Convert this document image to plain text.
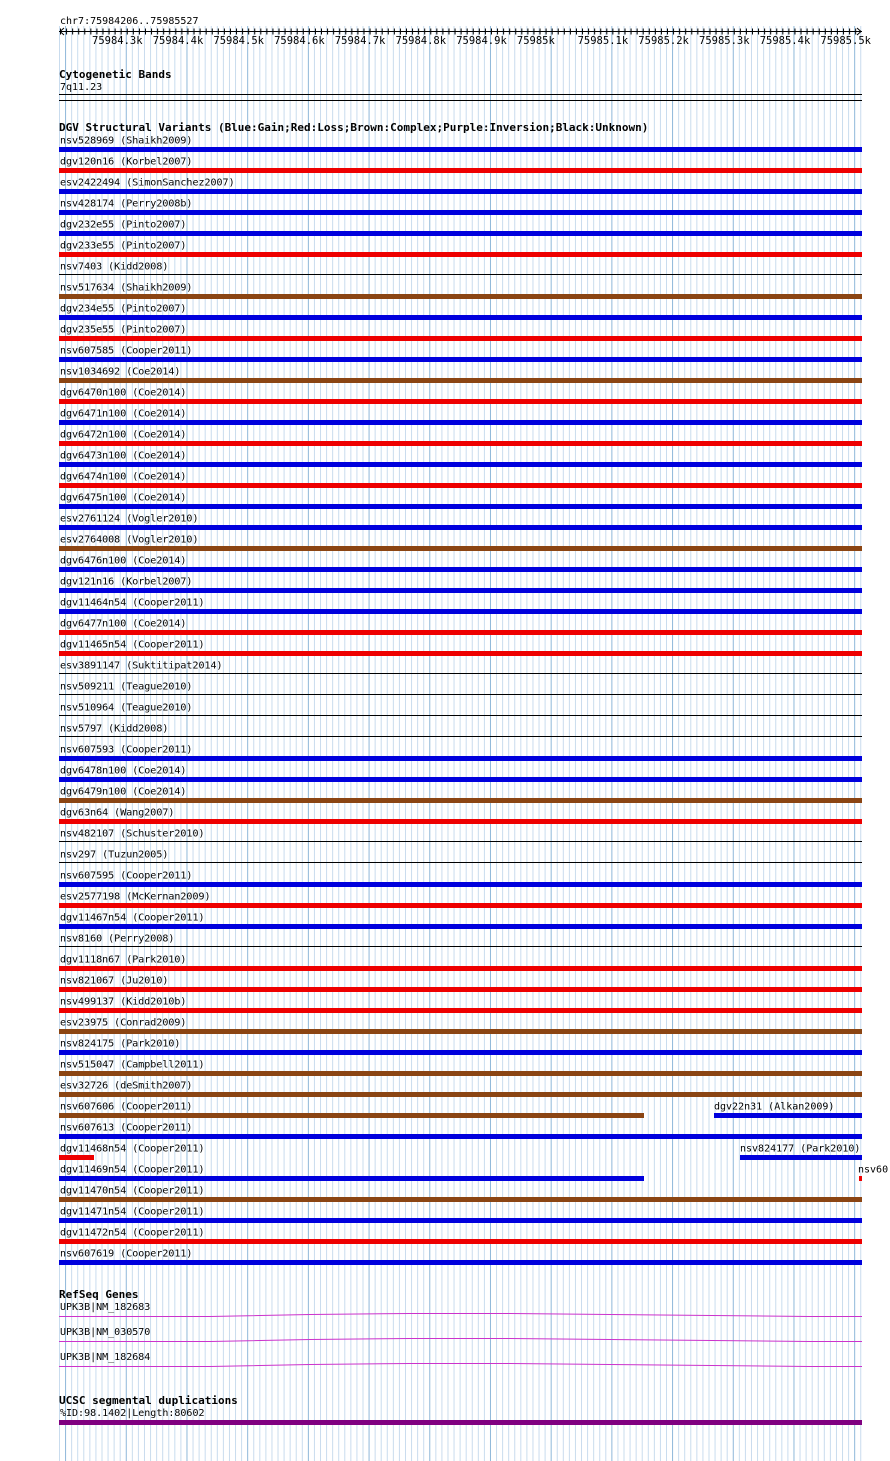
chr7:75984206..75985527
75984.3k 75984.4k 75984.5k 75984.6k 75984.7k 75984.8k 75984.9k 75985k 75985.1k 75985.2k 75985.3k 75985.4k 75985.5k
Cytogenetic Bands
7q11.23
DGV Structural Variants (Blue:Gain;Red:Loss;Brown:Complex;Purple:Inversion;Black:Unknown)
nsv528969 (Shaikh2009)
dgv120n16 (Korbel2007)
esv2422494 (SimonSanchez2007)
nsv428174 (Perry2008b)
dgv232e55 (Pinto2007)
dgv233e55 (Pinto2007)
nsv7403 (Kidd2008)
nsv517634 (Shaikh2009)
dgv234e55 (Pinto2007)
dgv235e55 (Pinto2007)
nsv607585 (Cooper2011)
nsv1034692 (Coe2014)
dgv6470n100 (Coe2014)
dgv6471n100 (Coe2014)
dgv6472n100 (Coe2014)
dgv6473n100 (Coe2014)
dgv6474n100 (Coe2014)
dgv6475n100 (Coe2014)
esv2761124 (Vogler2010)
esv2764008 (Vogler2010)
dgv6476n100 (Coe2014)
dgv121n16 (Korbel2007)
dgv11464n54 (Cooper2011)
dgv6477n100 (Coe2014)
dgv11465n54 (Cooper2011)
esv3891147 (Suktitipat2014)
nsv509211 (Teague2010)
nsv510964 (Teague2010)
nsv5797 (Kidd2008)
nsv607593 (Cooper2011)
dgv6478n100 (Coe2014)
dgv6479n100 (Coe2014)
dgv63n64 (Wang2007)
nsv482107 (Schuster2010)
nsv297 (Tuzun2005)
nsv607595 (Cooper2011)
esv2577198 (McKernan2009)
dgv11467n54 (Cooper2011)
nsv8160 (Perry2008)
dgv1118n67 (Park2010)
nsv821067 (Ju2010)
nsv499137 (Kidd2010b)
esv23975 (Conrad2009)
nsv824175 (Park2010)
nsv515047 (Campbell2011)
esv32726 (deSmith2007)
nsv607606 (Cooper2011)
nsv607613 (Cooper2011)
dgv11468n54 (Cooper2011)
dgv11469n54 (Cooper2011)
dgv11470n54 (Cooper2011)
dgv11471n54 (Cooper2011)
dgv11472n54 (Cooper2011)
nsv607619 (Cooper2011)
dgv22n31 (Alkan2009)
nsv824177 (Park2010)
nsv60
RefSeq Genes
UPK3B|NM_182683
UPK3B|NM_030570
UPK3B|NM_182684
UCSC segmental duplications
%ID:98.1402|Length:80602
